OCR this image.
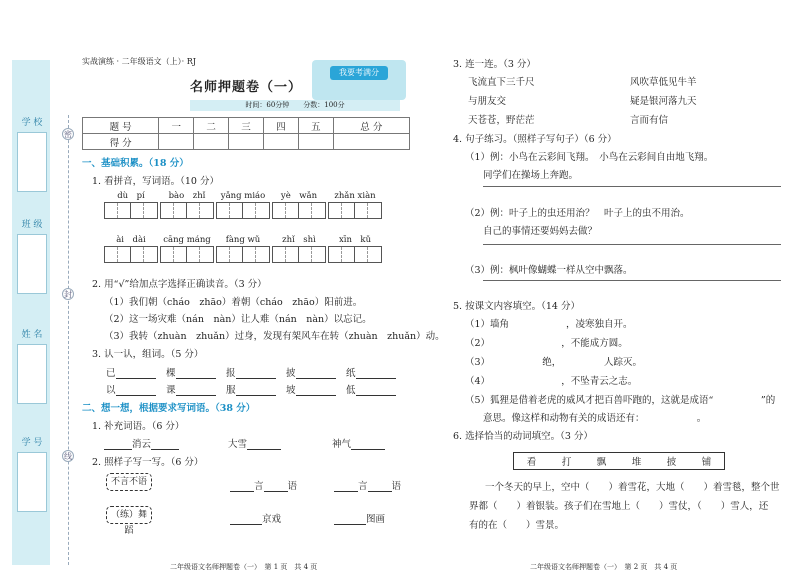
学 校
班 级
姓 名
学 号
密
封
线
实战演练 · 二年级语文（上）· RJ
名师押题卷（一）
时间：60分钟　　分数：100分
我要考满分
题 号	一	二	三	四	五	总 分
得 分						
一、基础积累。（18 分）
1. 看拼音，写词语。（10 分）
dù　pí	bào　zhǐ	yǎng miáo	yè　wǎn	zhǎn xiàn
ài　dài	cāng máng	fàng wǔ	zhǐ　shì	xīn　kǔ
2. 用“√”给加点字选择正确读音。（3 分）
（1）我们朝（cháo　zhāo）着朝（cháo　zhāo）阳前进。
（2）这一场灾难（nán　nàn）让人难（nán　nàn）以忘记。
（3）我转（zhuàn　zhuǎn）过身，发现有架风车在转（zhuàn　zhuǎn）动。
3. 认一认，组词。（5 分）
已	棵	报	披	纸
以	课	服	坡	低
二、想一想，根据要求写词语。（38 分）
1. 补充词语。（6 分）
消云	大雪	神气
2. 照样子写一写。（6 分）
不言不语	言	语	言	语
（练）舞蹈
京戏	图画
二年级语文名师押题卷（一）　第 1 页　共 4 页
3. 连一连。（3 分）
飞流直下三千尺
与朋友交
天苍苍，野茫茫
风吹草低见牛羊
疑是银河落九天
言而有信
4. 句子练习。（照样子写句子）（6 分）
（1）例：小鸟在云彩间飞翔。　小鸟在云彩间自由地飞翔。
同学们在操场上奔跑。
（2）例：叶子上的虫还用治？　叶子上的虫不用治。
自己的事情还要妈妈去做？
（3）例：枫叶像蝴蝶一样从空中飘落。
5. 按课文内容填空。（14 分）
（1）墙角　　　　　　，凌寒独自开。
（2）　　　　　　　　，不能成方圆。
（3）　　　　　　绝，　　　　　人踪灭。
（4）　　　　　　　　，不坠青云之志。
（5）狐狸是借着老虎的威风才把百兽吓跑的，这就是成语“　　　　　”的
意思。像这样和动物有关的成语还有：　　　　　　。
6. 选择恰当的动词填空。（3 分）
看	打	飘	堆	披	铺
一个冬天的早上，空中（　　）着雪花，大地（　　）着雪毯，整个世
界都（　　）着银装。孩子们在雪地上（　　）雪仗，（　　）雪人，还
有的在（　　）雪景。
二年级语文名师押题卷（一）　第 2 页　共 4 页
